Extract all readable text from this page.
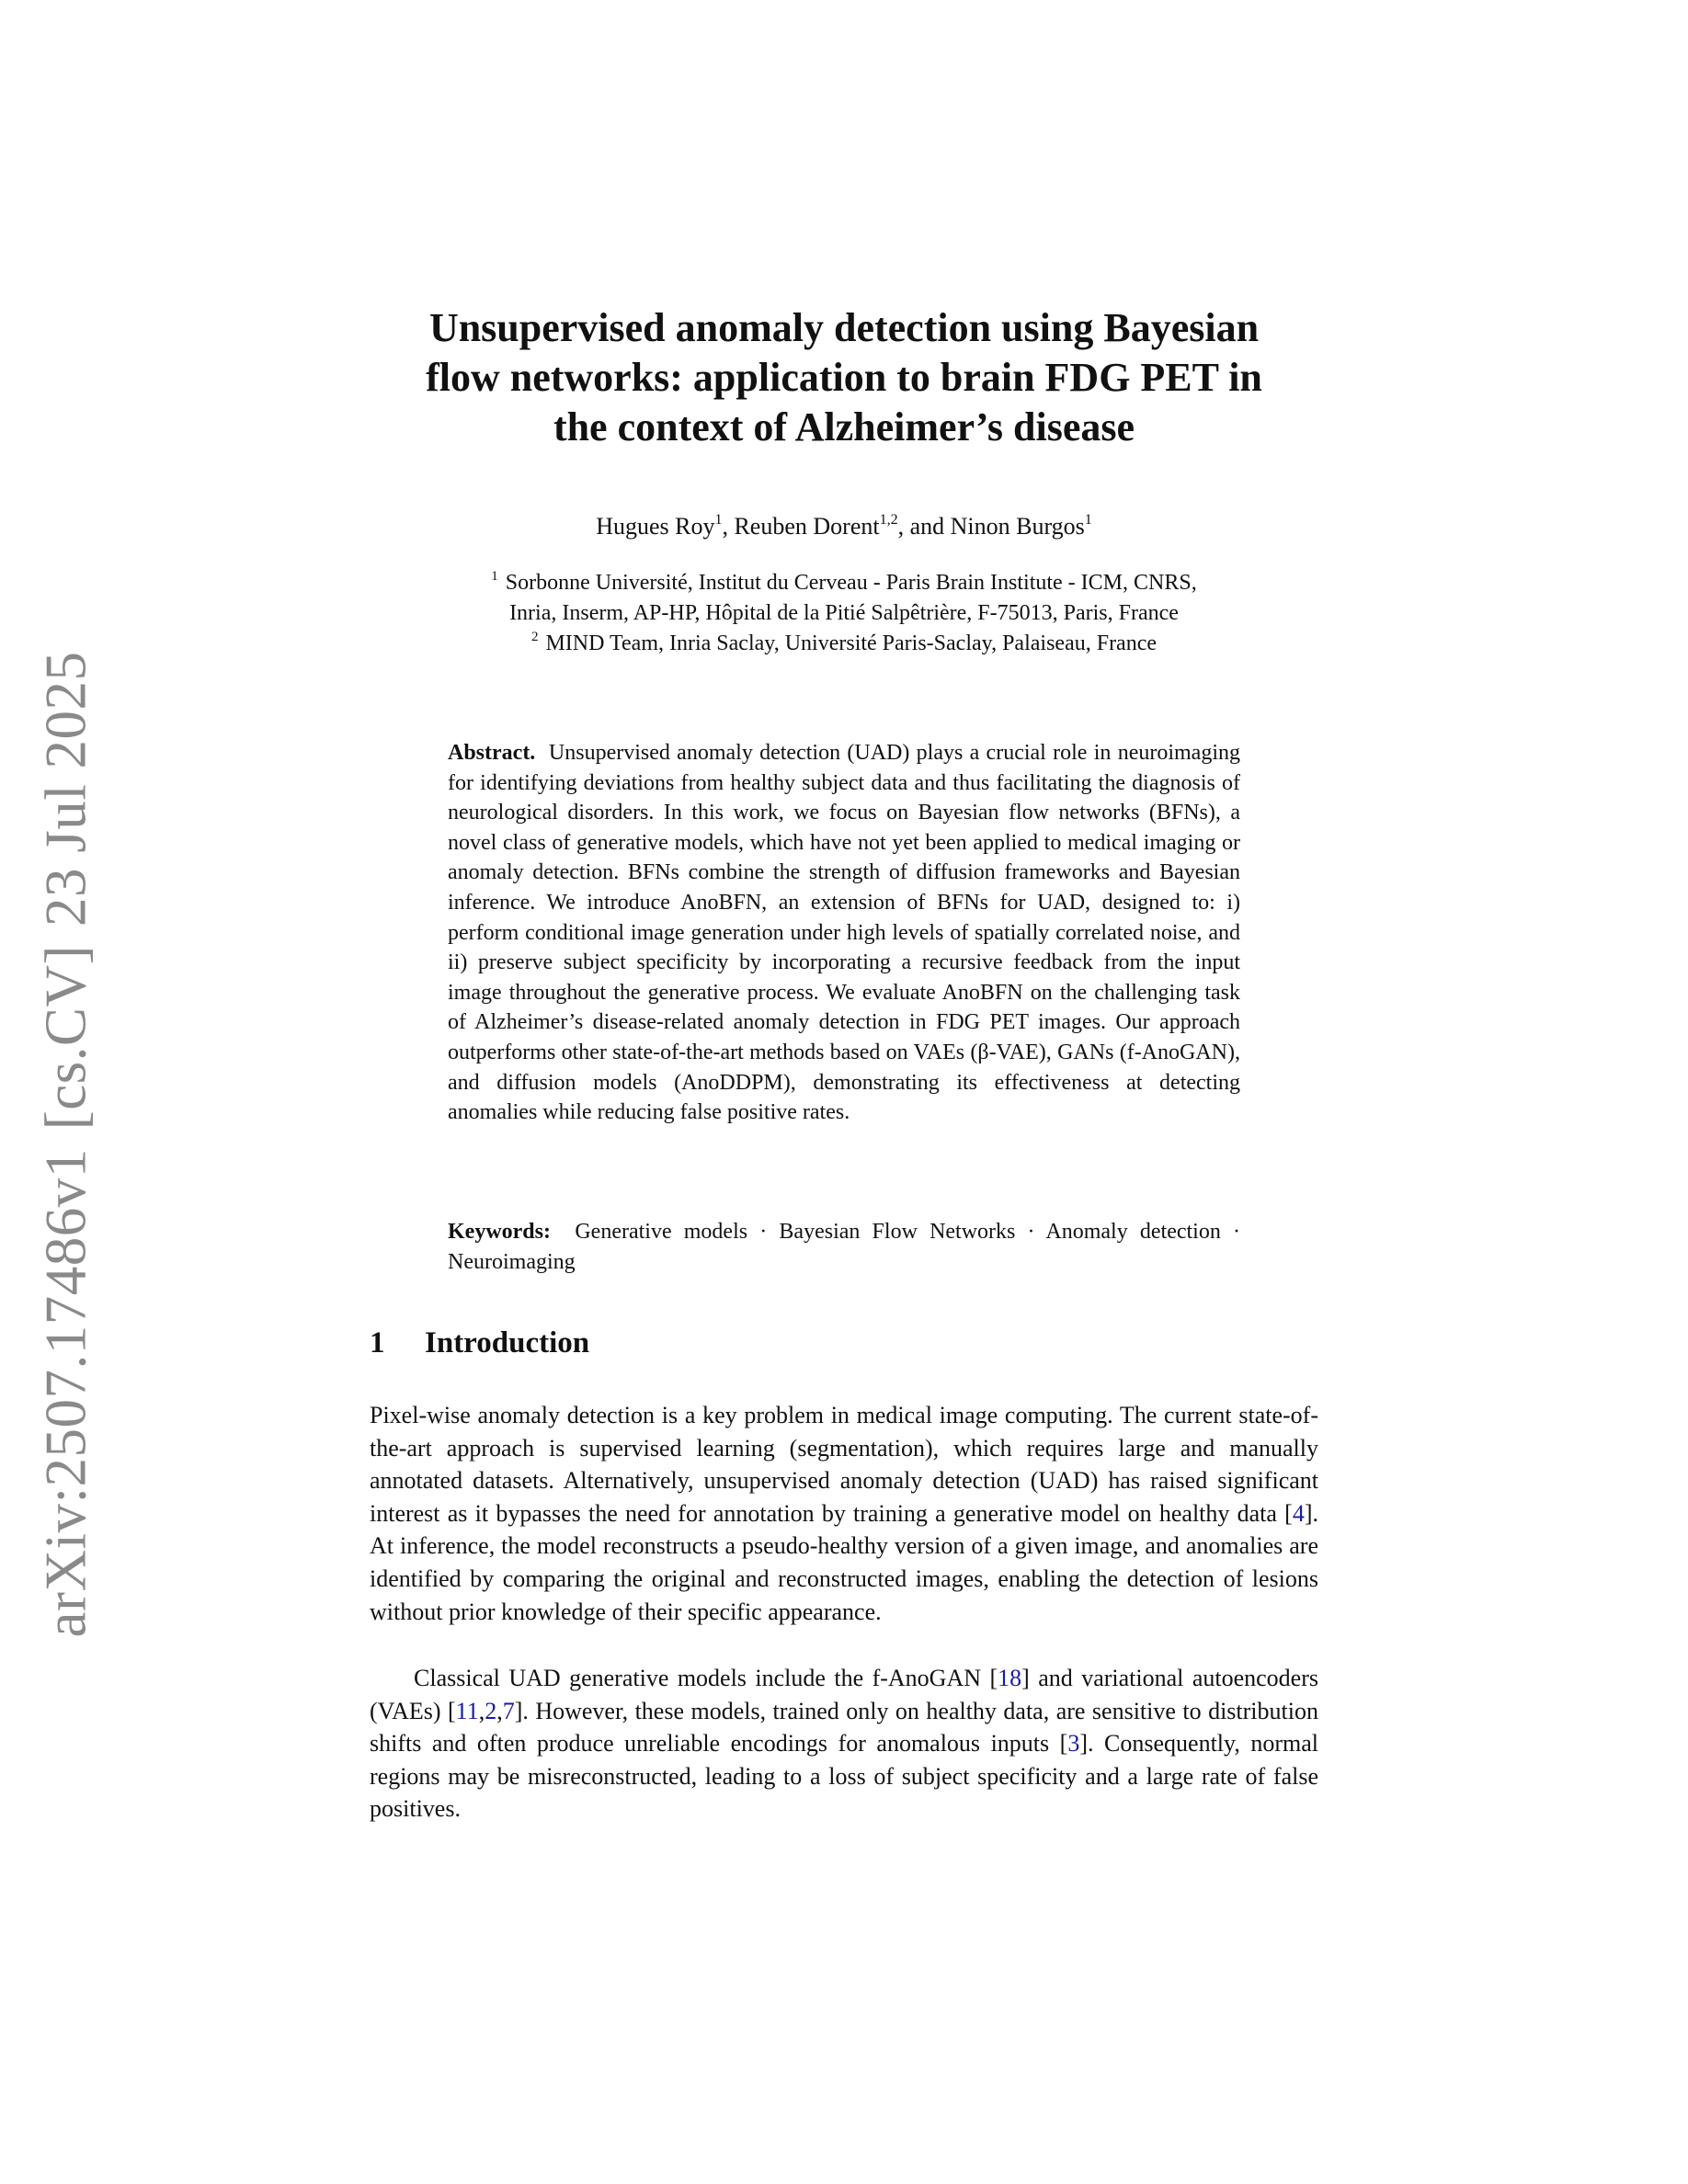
arXiv:2507.17486v1[cs.CV]23 Jul 2025
Unsupervised anomaly detection using Bayesian
flow networks: application to brain FDG PET in
the context of Alzheimer’s disease
Hugues Roy$^1$, Reuben Dorent$^{1,2}$, and Ninon Burgos$^1$
$^1$ Sorbonne Université, Institut du Cerveau - Paris Brain Institute - ICM, CNRS,
Inria, Inserm, AP-HP, Hôpital de la Pitié Salpêtrière, F-75013, Paris, France
$^2$ MIND Team, Inria Saclay, Université Paris-Saclay, Palaiseau, France
Abstract. Unsupervised anomaly detection (UAD) plays a crucial role in neuroimaging for identifying deviations from healthy subject data and thus facilitating the diagnosis of neurological disorders. In this work, we focus on Bayesian flow networks (BFNs), a novel class of generative models, which have not yet been applied to medical imaging or anomaly detection. BFNs combine the strength of diffusion frameworks and Bayesian inference. We introduce AnoBFN, an extension of BFNs for UAD, designed to: i) perform conditional image generation under high levels of spatially correlated noise, and ii) preserve subject specificity by incorporating a recursive feedback from the input image throughout the generative process. We evaluate AnoBFN on the challenging task of Alzheimer’s disease-related anomaly detection in FDG PET images. Our approach outperforms other state-of-the-art methods based on VAEs (β-VAE), GANs (f-AnoGAN), and diffusion models (AnoDDPM), demonstrating its effectiveness at detecting anomalies while reducing false positive rates.
Keywords: Generative models · Bayesian Flow Networks · Anomaly detection · Neuroimaging
1 Introduction
Pixel-wise anomaly detection is a key problem in medical image computing. The current state-of-the-art approach is supervised learning (segmentation), which requires large and manually annotated datasets. Alternatively, unsupervised anomaly detection (UAD) has raised significant interest as it bypasses the need for annotation by training a generative model on healthy data [4]. At inference, the model reconstructs a pseudo-healthy version of a given image, and anomalies are identified by comparing the original and reconstructed images, enabling the detection of lesions without prior knowledge of their specific appearance.
Classical UAD generative models include the f-AnoGAN [18] and variational autoencoders (VAEs) [11,2,7]. However, these models, trained only on healthy data, are sensitive to distribution shifts and often produce unreliable encodings for anomalous inputs [3]. Consequently, normal regions may be misreconstructed, leading to a loss of subject specificity and a large rate of false positives.
